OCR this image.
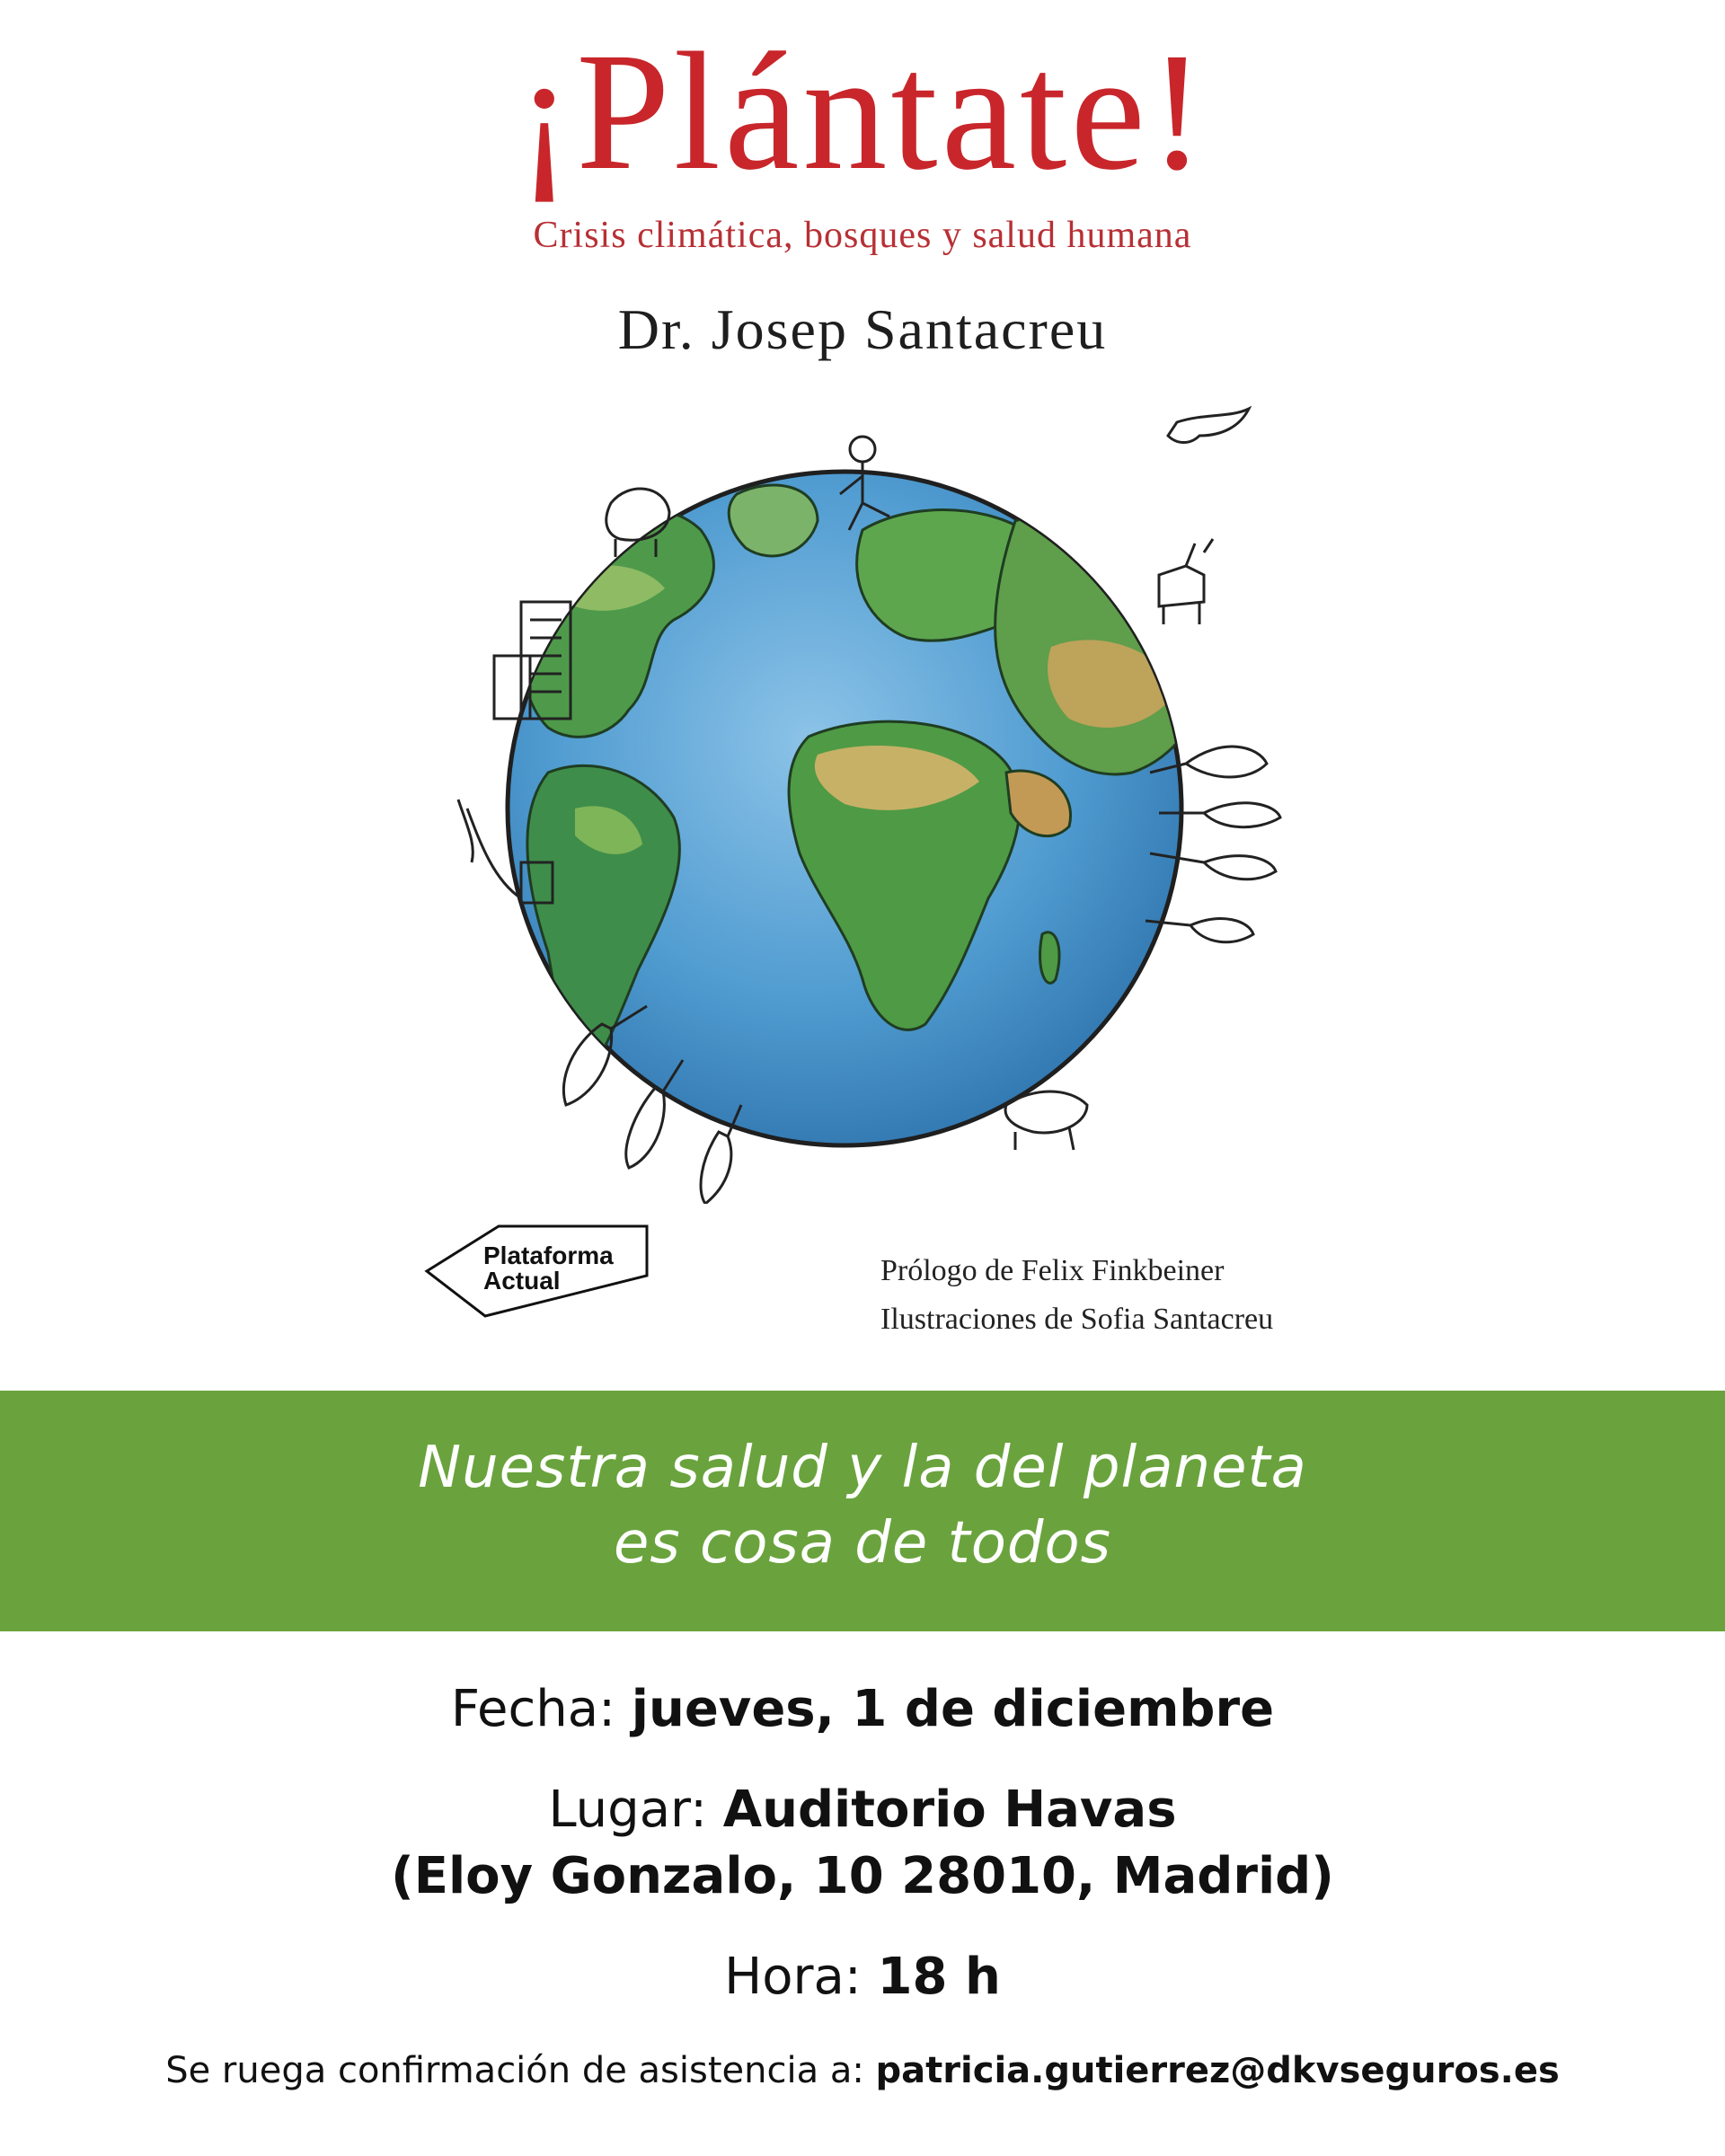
¡Plántate!
Crisis climática, bosques y salud humana
Dr. Josep Santacreu
Plataforma
Actual	Prólogo de Felix Finkbeiner
Ilustraciones de Sofia Santacreu
Nuestra salud y la del planeta
es cosa de todos
Fecha: jueves, 1 de diciembre
Lugar: Auditorio Havas
(Eloy Gonzalo, 10 28010, Madrid)
Hora: 18 h
Se ruega confirmación de asistencia a: patricia.gutierrez@dkvseguros.es
